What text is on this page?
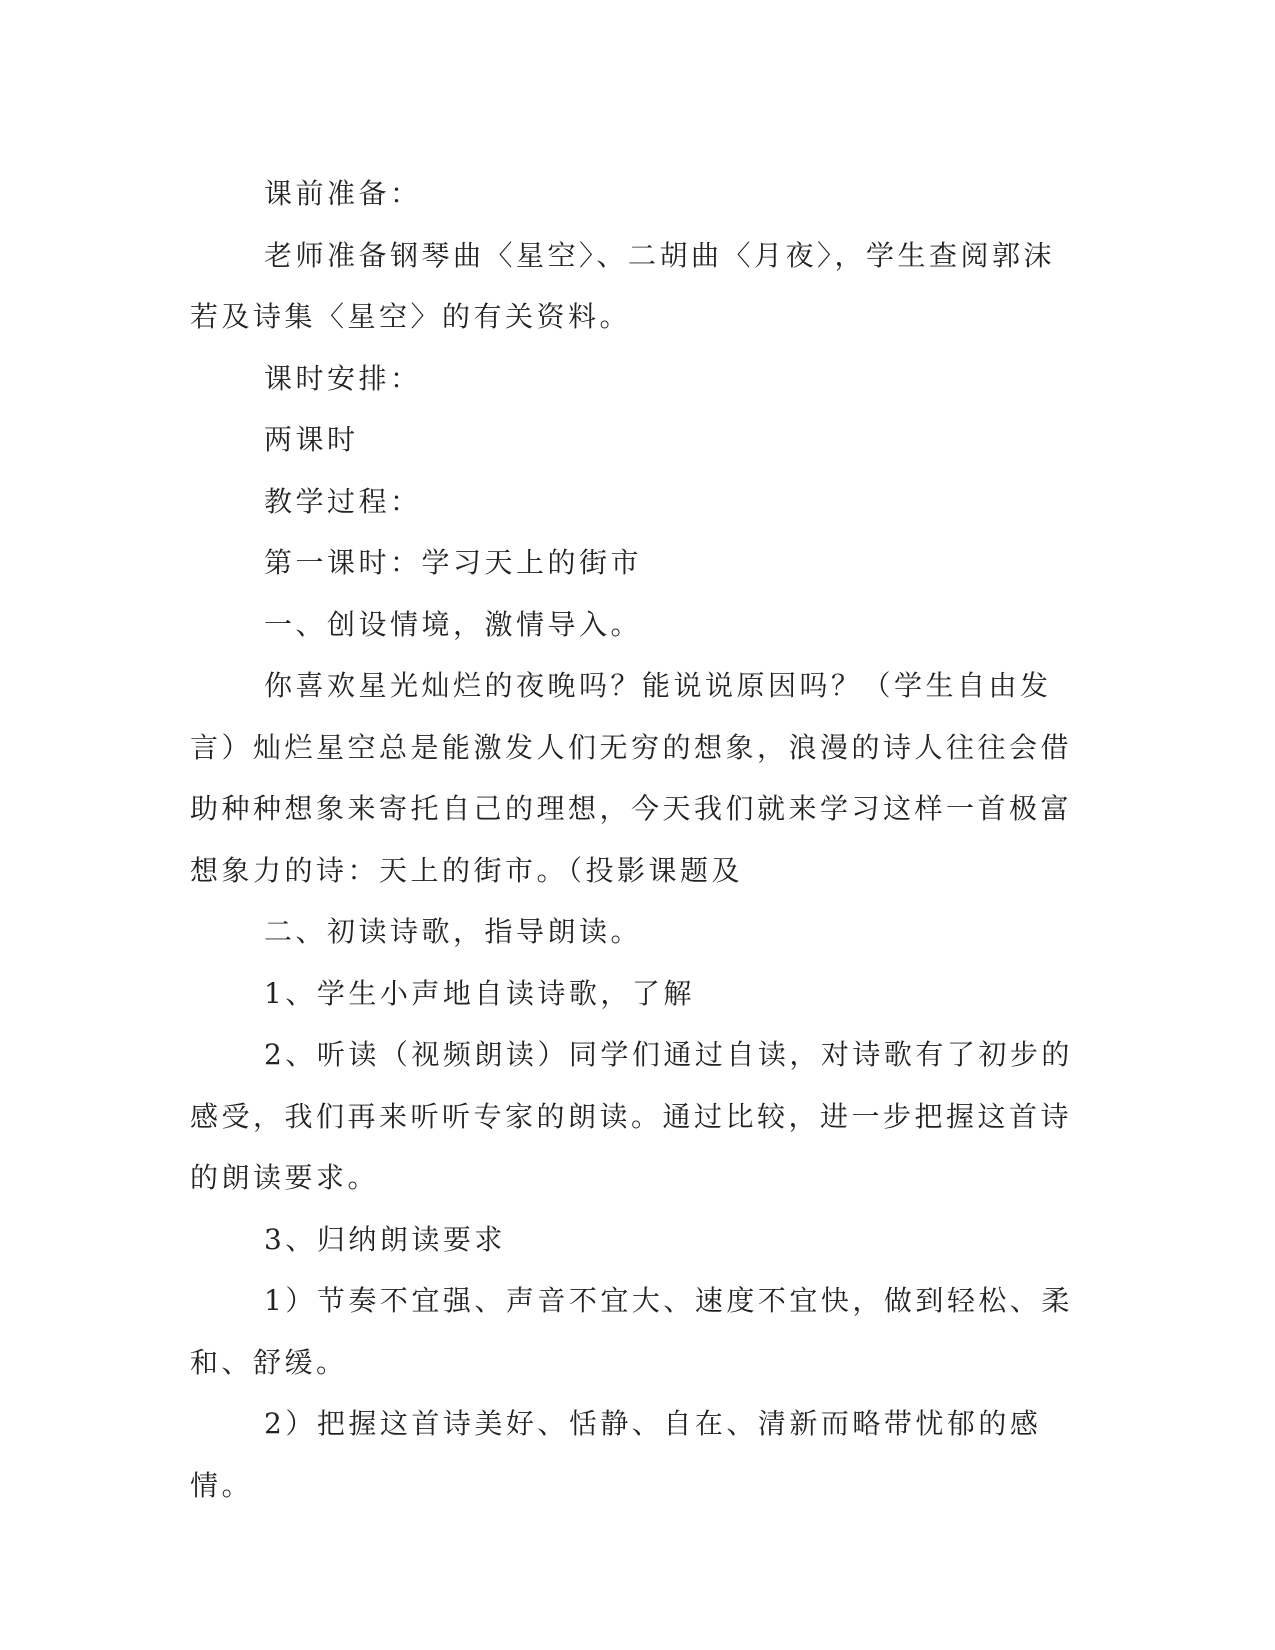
课前准备：

老师准备钢琴曲〈星空〉、二胡曲〈月夜〉，学生查阅郭沫若及诗集〈星空〉的有关资料。

课时安排：

两课时

教学过程：

第一课时：学习天上的街市

一、创设情境，激情导入。

你喜欢星光灿烂的夜晚吗？能说说原因吗？（学生自由发言）灿烂星空总是能激发人们无穷的想象，浪漫的诗人往往会借助种种想象来寄托自己的理想，今天我们就来学习这样一首极富想象力的诗：天上的街市。（投影课题及

二、初读诗歌，指导朗读。

1、学生小声地自读诗歌，了解

2、听读（视频朗读）同学们通过自读，对诗歌有了初步的感受，我们再来听听专家的朗读。通过比较，进一步把握这首诗的朗读要求。

3、归纳朗读要求

1）节奏不宜强、声音不宜大、速度不宜快，做到轻松、柔和、舒缓。

2）把握这首诗美好、恬静、自在、清新而略带忧郁的感情。
